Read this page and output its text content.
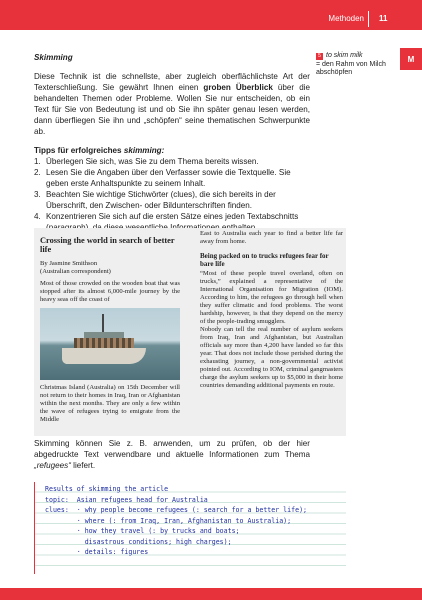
Methoden 11
M
5 to skim milk
= den Rahm von Milch abschöpfen
Skimming
Diese Technik ist die schnellste, aber zugleich oberflächlichste Art der Texterschließung. Sie gewährt Ihnen einen groben Überblick über die behandelten Themen oder Probleme. Wollen Sie nur entscheiden, ob ein Text für Sie von Bedeutung ist und ob Sie ihn später genau lesen werden, dann überfliegen Sie ihn und „schöpfen“ seine thematischen Schwerpunkte ab.
Tipps für erfolgreiches skimming:
1. Überlegen Sie sich, was Sie zu dem Thema bereits wissen.
2. Lesen Sie die Angaben über den Verfasser sowie die Textquelle. Sie geben erste Anhaltspunkte zu seinem Inhalt.
3. Beachten Sie wichtige Stichwörter (clues), die sich bereits in der Überschrift, den Zwischen- oder Bildunterschriften finden.
4. Konzentrieren Sie sich auf die ersten Sätze eines jeden Textabschnitts
Crossing the world in search of better life
By Jasmine Smithson
(Australian correspondent)

Most of those crowded on the wooden boat that was stopped after its almost 6,000-mile journey by the heavy seas off the coast of

Christmas Island (Australia) on 15th December will not return to their homes in Iraq, Iran or Afghanistan within the next months. They are only a few within the wave of refugees trying to emigrate from the Middle

East to Australia each year to find a better life far away from home.

Being packed on to trucks refugees fear for bare life

“Most of these people travel overland, often on trucks,” explained a representative of the International Organisation for Migration (IOM). According to him, the refugees go through hell when they suffer climatic and food problems. The worst hardship, however, is that they depend on the mercy of the people-trading smugglers.

Nobody can tell the real number of asylum seekers from Iraq, Iran and Afghanistan, but Australian officials say more than 4,200 have landed so far this year. That does not include those perished during the exhausting journey, a non-governmental activist pointed out. According to IOM, criminal gangmasters charge the asylum seekers up to $5,000 in their home countries demanding additional payments en route.

Skimming können Sie z. B. anwenden, um zu prüfen, ob der hier abgedruckte Text verwendbare und aktuelle Informationen zum Thema „refugees“ liefert.
Results of skimming the article
topic:  Asian refugees head for Australia
clues:  · why people become refugees (: search for a better life);
· where (: from Iraq, Iran, Afghanistan to Australia);
· how they travel (: by trucks and boats;
disastrous conditions; high charges);
· details: figures
